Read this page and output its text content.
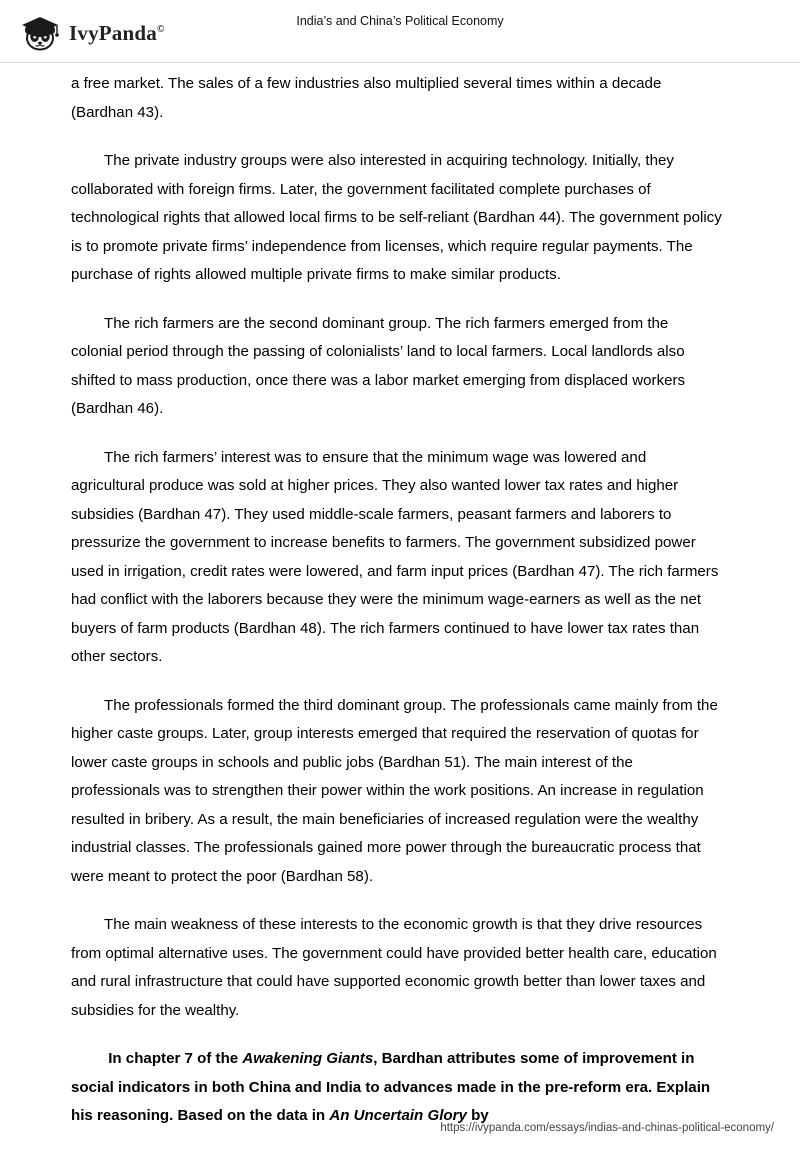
IvyPanda©
India’s and China’s Political Economy

a free market. The sales of a few industries also multiplied several times within a decade (Bardhan 43).

The private industry groups were also interested in acquiring technology. Initially, they collaborated with foreign firms. Later, the government facilitated complete purchases of technological rights that allowed local firms to be self-reliant (Bardhan 44). The government policy is to promote private firms’ independence from licenses, which require regular payments. The purchase of rights allowed multiple private firms to make similar products.

The rich farmers are the second dominant group. The rich farmers emerged from the colonial period through the passing of colonialists’ land to local farmers. Local landlords also shifted to mass production, once there was a labor market emerging from displaced workers (Bardhan 46).

The rich farmers’ interest was to ensure that the minimum wage was lowered and agricultural produce was sold at higher prices. They also wanted lower tax rates and higher subsidies (Bardhan 47). They used middle-scale farmers, peasant farmers and laborers to pressurize the government to increase benefits to farmers. The government subsidized power used in irrigation, credit rates were lowered, and farm input prices (Bardhan 47). The rich farmers had conflict with the laborers because they were the minimum wage-earners as well as the net buyers of farm products (Bardhan 48). The rich farmers continued to have lower tax rates than other sectors.

The professionals formed the third dominant group. The professionals came mainly from the higher caste groups. Later, group interests emerged that required the reservation of quotas for lower caste groups in schools and public jobs (Bardhan 51). The main interest of the professionals was to strengthen their power within the work positions. An increase in regulation resulted in bribery. As a result, the main beneficiaries of increased regulation were the wealthy industrial classes. The professionals gained more power through the bureaucratic process that were meant to protect the poor (Bardhan 58).

The main weakness of these interests to the economic growth is that they drive resources from optimal alternative uses. The government could have provided better health care, education and rural infrastructure that could have supported economic growth better than lower taxes and subsidies for the wealthy.

In chapter 7 of the Awakening Giants, Bardhan attributes some of improvement in social indicators in both China and India to advances made in the pre-reform era. Explain his reasoning. Based on the data in An Uncertain Glory by

https://ivypanda.com/essays/indias-and-chinas-political-economy/
